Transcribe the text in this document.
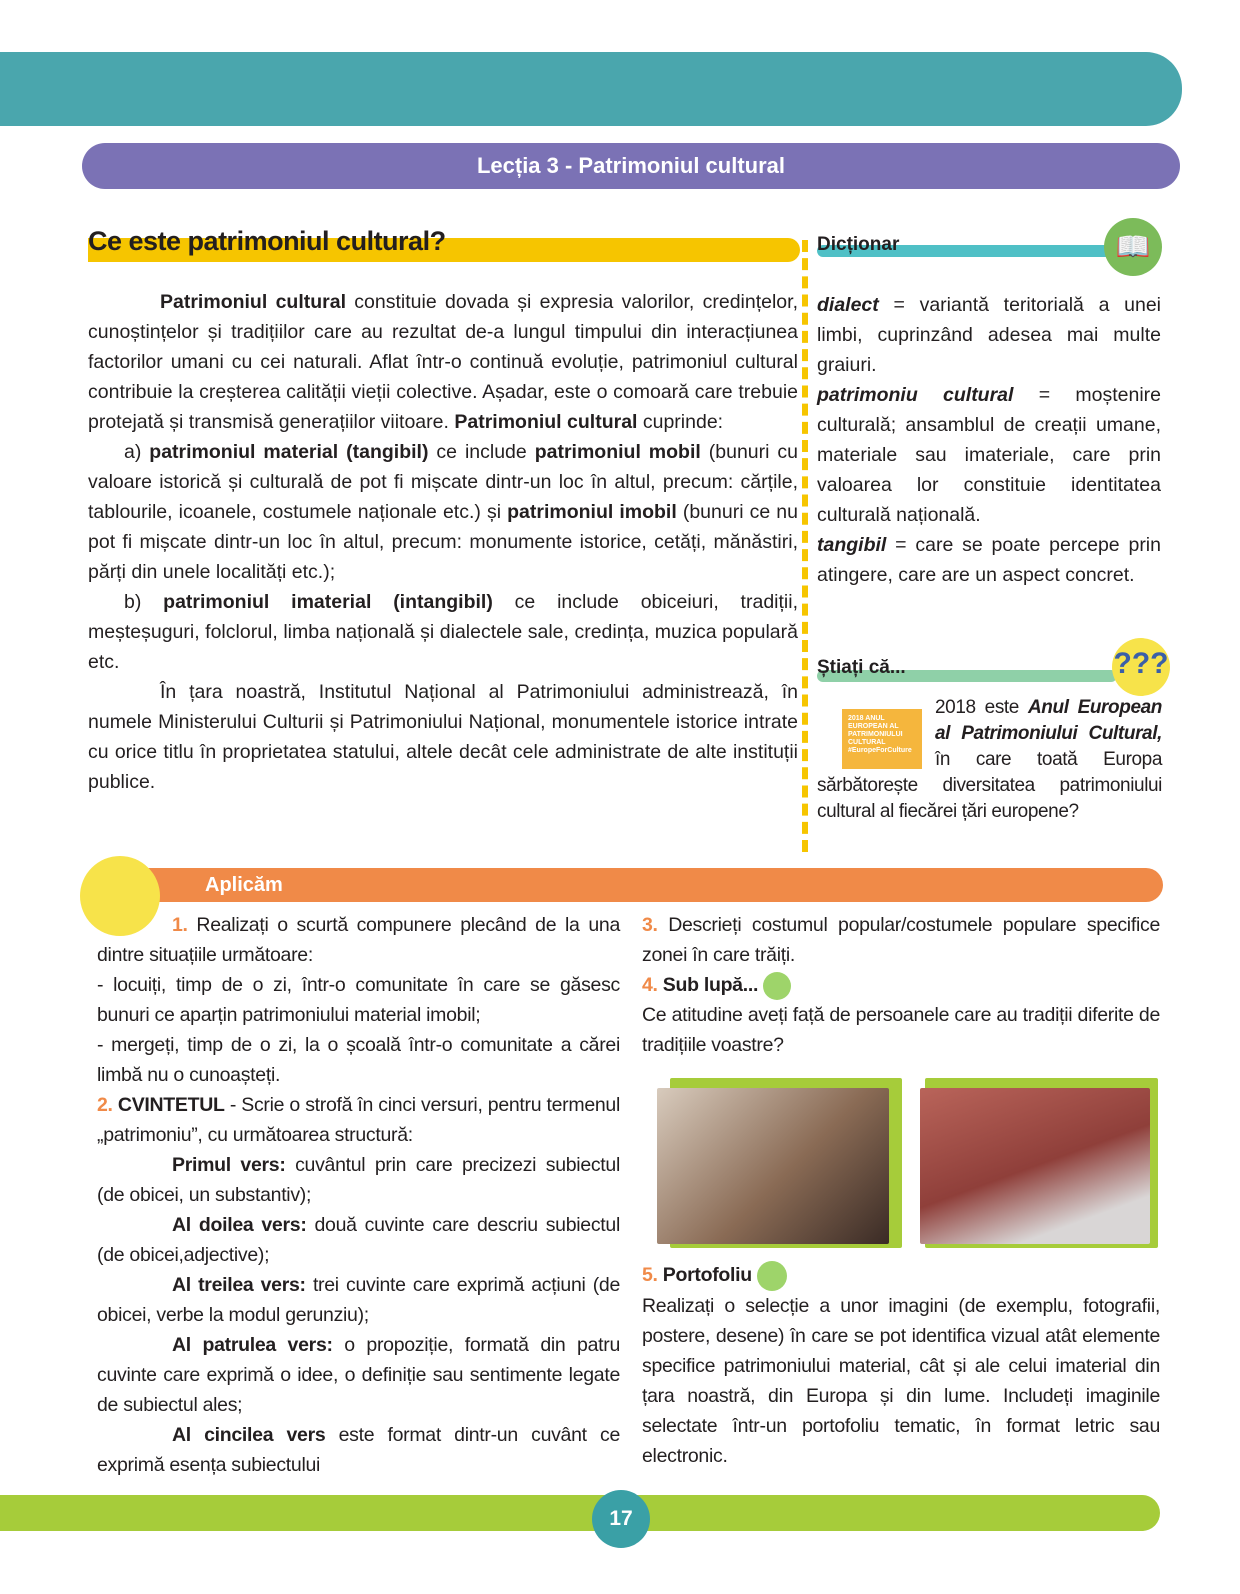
Lecția 3 - Patrimoniul cultural
Ce este patrimoniul cultural?

Patrimoniul cultural constituie dovada și expresia valorilor, credințelor, cunoștințelor și tradițiilor care au rezultat de-a lungul timpului din interacțiunea factorilor umani cu cei naturali. Aflat într-o continuă evoluție, patrimoniul cultural contribuie la creșterea calității vieții colective. Așadar, este o comoară care trebuie protejată și transmisă generațiilor viitoare. Patrimoniul cultural cuprinde:

a) patrimoniul material (tangibil) ce include patrimoniul mobil (bunuri cu valoare istorică și culturală de pot fi mișcate dintr-un loc în altul, precum: cărțile, tablourile, icoanele, costumele naționale etc.) și patrimoniul imobil (bunuri ce nu pot fi mișcate dintr-un loc în altul, precum: monumente istorice, cetăți, mănăstiri, părți din unele localități etc.);

b) patrimoniul imaterial (intangibil) ce include obiceiuri, tradiții, meșteșuguri, folclorul, limba națională și dialectele sale, credința, muzica populară etc.

În țara noastră, Institutul Național al Patrimoniului administrează, în numele Ministerului Culturii și Patrimoniului Național, monumentele istorice intrate cu orice titlu în proprietatea statului, altele decât cele administrate de alte instituții publice.

Dicționar	📖
dialect = variantă teritorială a unei limbi, cuprinzând adesea mai multe graiuri.
patrimoniu cultural = moștenire culturală; ansamblul de creații umane, materiale sau imateriale, care prin valoarea lor constituie identitatea culturală națională.
tangibil = care se poate percepe prin atingere, care are un aspect concret.
Știați că...	???
2018 ANUL EUROPEAN AL PATRIMONIULUI CULTURAL #EuropeForCulture
2018 este Anul European al Patrimoniului Cultural, în care toată Europa sărbătorește diversitatea patrimoniului cultural al fiecărei țări europene?
Aplicăm
1. Realizați o scurtă compunere plecând de la una dintre situațiile următoare:
- locuiți, timp de o zi, într-o comunitate în care se găsesc bunuri ce aparțin patrimoniului material imobil;
- mergeți, timp de o zi, la o școală într-o comunitate a cărei limbă nu o cunoașteți.
2. CVINTETUL - Scrie o strofă în cinci versuri, pentru termenul „patrimoniu”, cu următoarea structură:
Primul vers: cuvântul prin care precizezi subiectul (de obicei, un substantiv);
Al doilea vers: două cuvinte care descriu subiectul (de obicei,adjective);
Al treilea vers: trei cuvinte care exprimă acțiuni (de obicei, verbe la modul gerunziu);
Al patrulea vers: o propoziție, formată din patru cuvinte care exprimă o idee, o definiție sau sentimente legate de subiectul ales;
Al cincilea vers este format dintr-un cuvânt ce exprimă esența subiectului
3. Descrieți costumul popular/costumele populare specifice zonei în care trăiți.
4. Sub lupă...
Ce atitudine aveți față de persoanele care au tradiții diferite de tradițiile voastre?
5. Portofoliu
Realizați o selecție a unor imagini (de exemplu, fotografii, postere, desene) în care se pot identifica vizual atât elemente specifice patrimoniului material, cât și ale celui imaterial din țara noastră, din Europa și din lume. Includeți imaginile selectate într-un portofoliu tematic, în format letric sau electronic.
17
